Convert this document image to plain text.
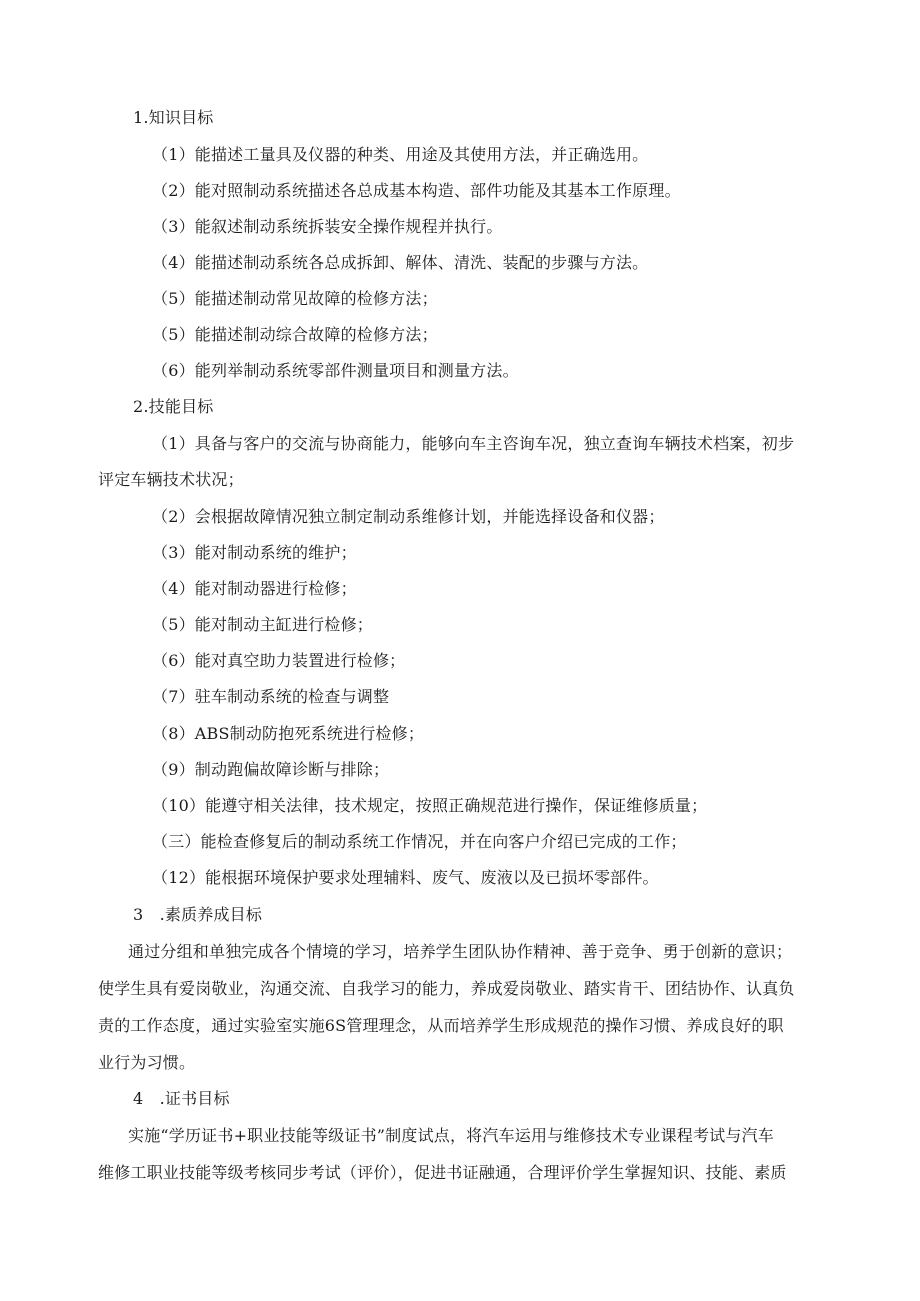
1.知识目标
（1）能描述工量具及仪器的种类、用途及其使用方法，并正确选用。
（2）能对照制动系统描述各总成基本构造、部件功能及其基本工作原理。
（3）能叙述制动系统拆装安全操作规程并执行。
（4）能描述制动系统各总成拆卸、解体、清洗、装配的步骤与方法。
（5）能描述制动常见故障的检修方法；
（5）能描述制动综合故障的检修方法；
（6）能列举制动系统零部件测量项目和测量方法。
2.技能目标
（1）具备与客户的交流与协商能力，能够向车主咨询车况，独立查询车辆技术档案，初步
评定车辆技术状况；
（2）会根据故障情况独立制定制动系维修计划，并能选择设备和仪器；
（3）能对制动系统的维护；
（4）能对制动器进行检修；
（5）能对制动主缸进行检修；
（6）能对真空助力装置进行检修；
（7）驻车制动系统的检查与调整
（8）ABS制动防抱死系统进行检修；
（9）制动跑偏故障诊断与排除；
（10）能遵守相关法律，技术规定，按照正确规范进行操作，保证维修质量；
（三）能检查修复后的制动系统工作情况，并在向客户介绍已完成的工作；
（12）能根据环境保护要求处理辅料、废气、废液以及已损坏零部件。
3　.素质养成目标
通过分组和单独完成各个情境的学习，培养学生团队协作精神、善于竞争、勇于创新的意识；
使学生具有爱岗敬业，沟通交流、自我学习的能力，养成爱岗敬业、踏实肯干、团结协作、认真负
责的工作态度，通过实验室实施6S管理理念，从而培养学生形成规范的操作习惯、养成良好的职
业行为习惯。
4　.证书目标
实施“学历证书+职业技能等级证书”制度试点，将汽车运用与维修技术专业课程考试与汽车
维修工职业技能等级考核同步考试（评价），促进书证融通，合理评价学生掌握知识、技能、素质
